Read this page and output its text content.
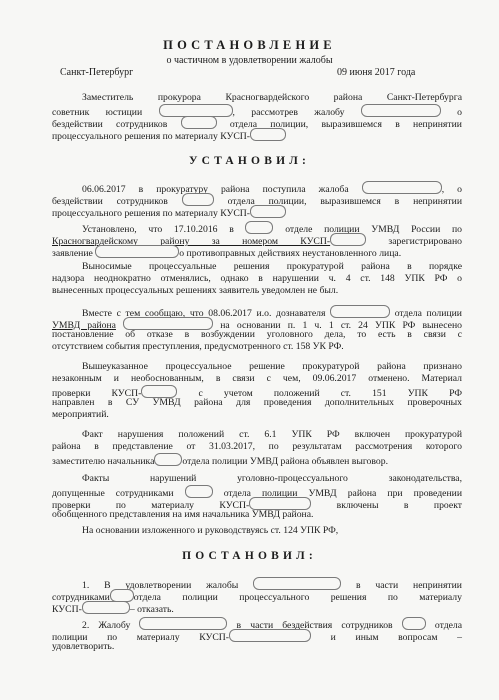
ПОСТАНОВЛЕНИЕ
о частичном в удовлетворении жалобы
Санкт-Петербург	09 июня 2017 года
Заместитель прокурора Красногвардейского района Санкт-Петербурга
советник юстиции	, рассмотрев жалобу	о
бездействии сотрудников	отдела полиции, выразившемся в непринятии
процессуального решения по материалу КУСП-
УСТАНОВИЛ:
06.06.2017 в прокуратуру района поступила жалоба	, о
бездействии сотрудников	отдела полиции, выразившемся в непринятии
процессуального решения по материалу КУСП-
Установлено, что 17.10.2016 в	отделе полиции УМВД России по
Красногвардейскому району за номером КУСП-	зарегистрировано
заявление	о противоправных действиях неустановленного лица.
Выносимые процессуальные решения прокуратурой района в порядке
надзора неоднократно отменялись, однако в нарушении ч. 4 ст. 148 УПК РФ о
вынесенных процессуальных решениях заявитель уведомлен не был.
Вместе с тем сообщаю, что 08.06.2017 и.о. дознавателя	отдела полиции
УМВД района	на основании п. 1 ч. 1 ст. 24 УПК РФ вынесено
постановление об отказе в возбуждении уголовного дела, то есть в связи с
отсутствием события преступления, предусмотренного ст. 158 УК РФ.
Вышеуказанное процессуальное решение прокуратурой района признано
незаконным и необоснованным, в связи с чем, 09.06.2017 отменено. Материал
проверки КУСП-	с учетом положений ст. 151 УПК РФ
направлен в СУ УМВД района для проведения дополнительных проверочных
мероприятий.
Факт нарушения положений ст. 6.1 УПК РФ включен прокуратурой
района в представление от 31.03.2017, по результатам рассмотрения которого
заместителю начальника	отдела полиции УМВД района объявлен выговор.
Факты	нарушений	уголовно-процессуального	законодательства,
допущенные сотрудниками	отдела полиции УМВД района при проведении
проверки по материалу КУСП-	включены в проект
обобщенного представления на имя начальника УМВД района.
На основании изложенного и руководствуясь ст. 124 УПК РФ,
ПОСТАНОВИЛ:
1. В удовлетворении жалобы	в части непринятии
сотрудниками отдела полиции процессуального решения по материалу
КУСП-	– отказать.
2. Жалобу	в части бездействия сотрудников	отдела
полиции по материалу КУСП-	и иным вопросам –
удовлетворить.
